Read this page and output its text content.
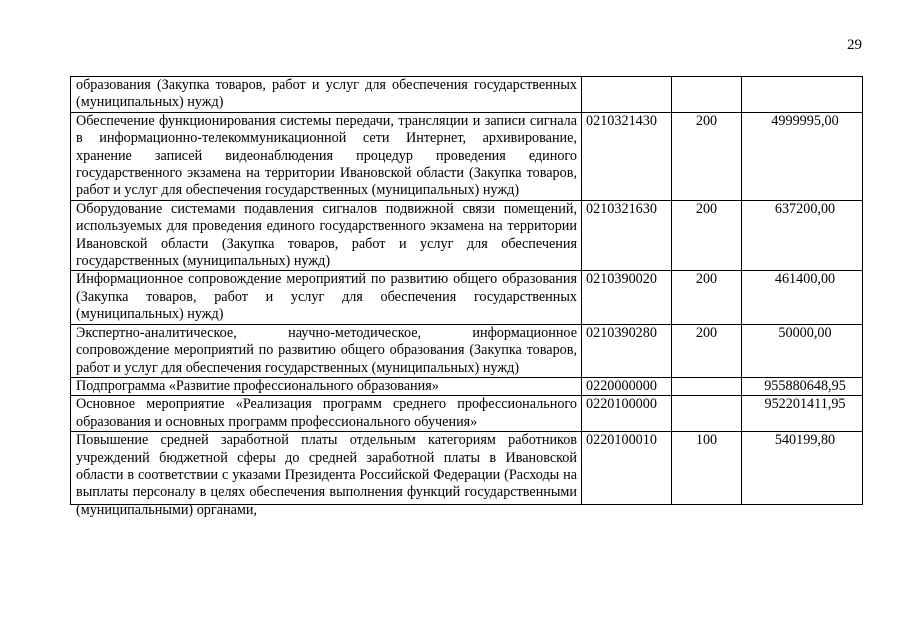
29
образования (Закупка товаров, работ и услуг для обеспечения государственных (муниципальных) нужд)			
Обеспечение функционирования системы передачи, трансляции и записи сигнала в информационно-телекоммуникационной сети Интернет, архивирование, хранение записей видеонаблюдения процедур проведения единого государственного экзамена на территории Ивановской области (Закупка товаров, работ и услуг для обеспечения государственных (муниципальных) нужд)	0210321430	200	4999995,00
Оборудование системами подавления сигналов подвижной связи помещений, используемых для проведения единого государственного экзамена на территории Ивановской области (Закупка товаров, работ и услуг для обеспечения государственных (муниципальных) нужд)	0210321630	200	637200,00
Информационное сопровождение мероприятий по развитию общего образования (Закупка товаров, работ и услуг для обеспечения государственных (муниципальных) нужд)	0210390020	200	461400,00
Экспертно-аналитическое, научно-методическое, информационное сопровождение мероприятий по развитию общего образования (Закупка товаров, работ и услуг для обеспечения государственных (муниципальных) нужд)	0210390280	200	50000,00
Подпрограмма «Развитие профессионального образования»	0220000000		955880648,95
Основное мероприятие «Реализация программ среднего профессионального образования и основных программ профессионального обучения»	0220100000		952201411,95

Повышение средней заработной платы отдельным категориям работников учреждений бюджетной сферы до средней заработной платы в Ивановской области в соответствии с указами Президента Российской Федерации (Расходы на выплаты персоналу в целях обеспечения выполнения функций государственными (муниципальными) органами,	0220100010	100	540199,80
